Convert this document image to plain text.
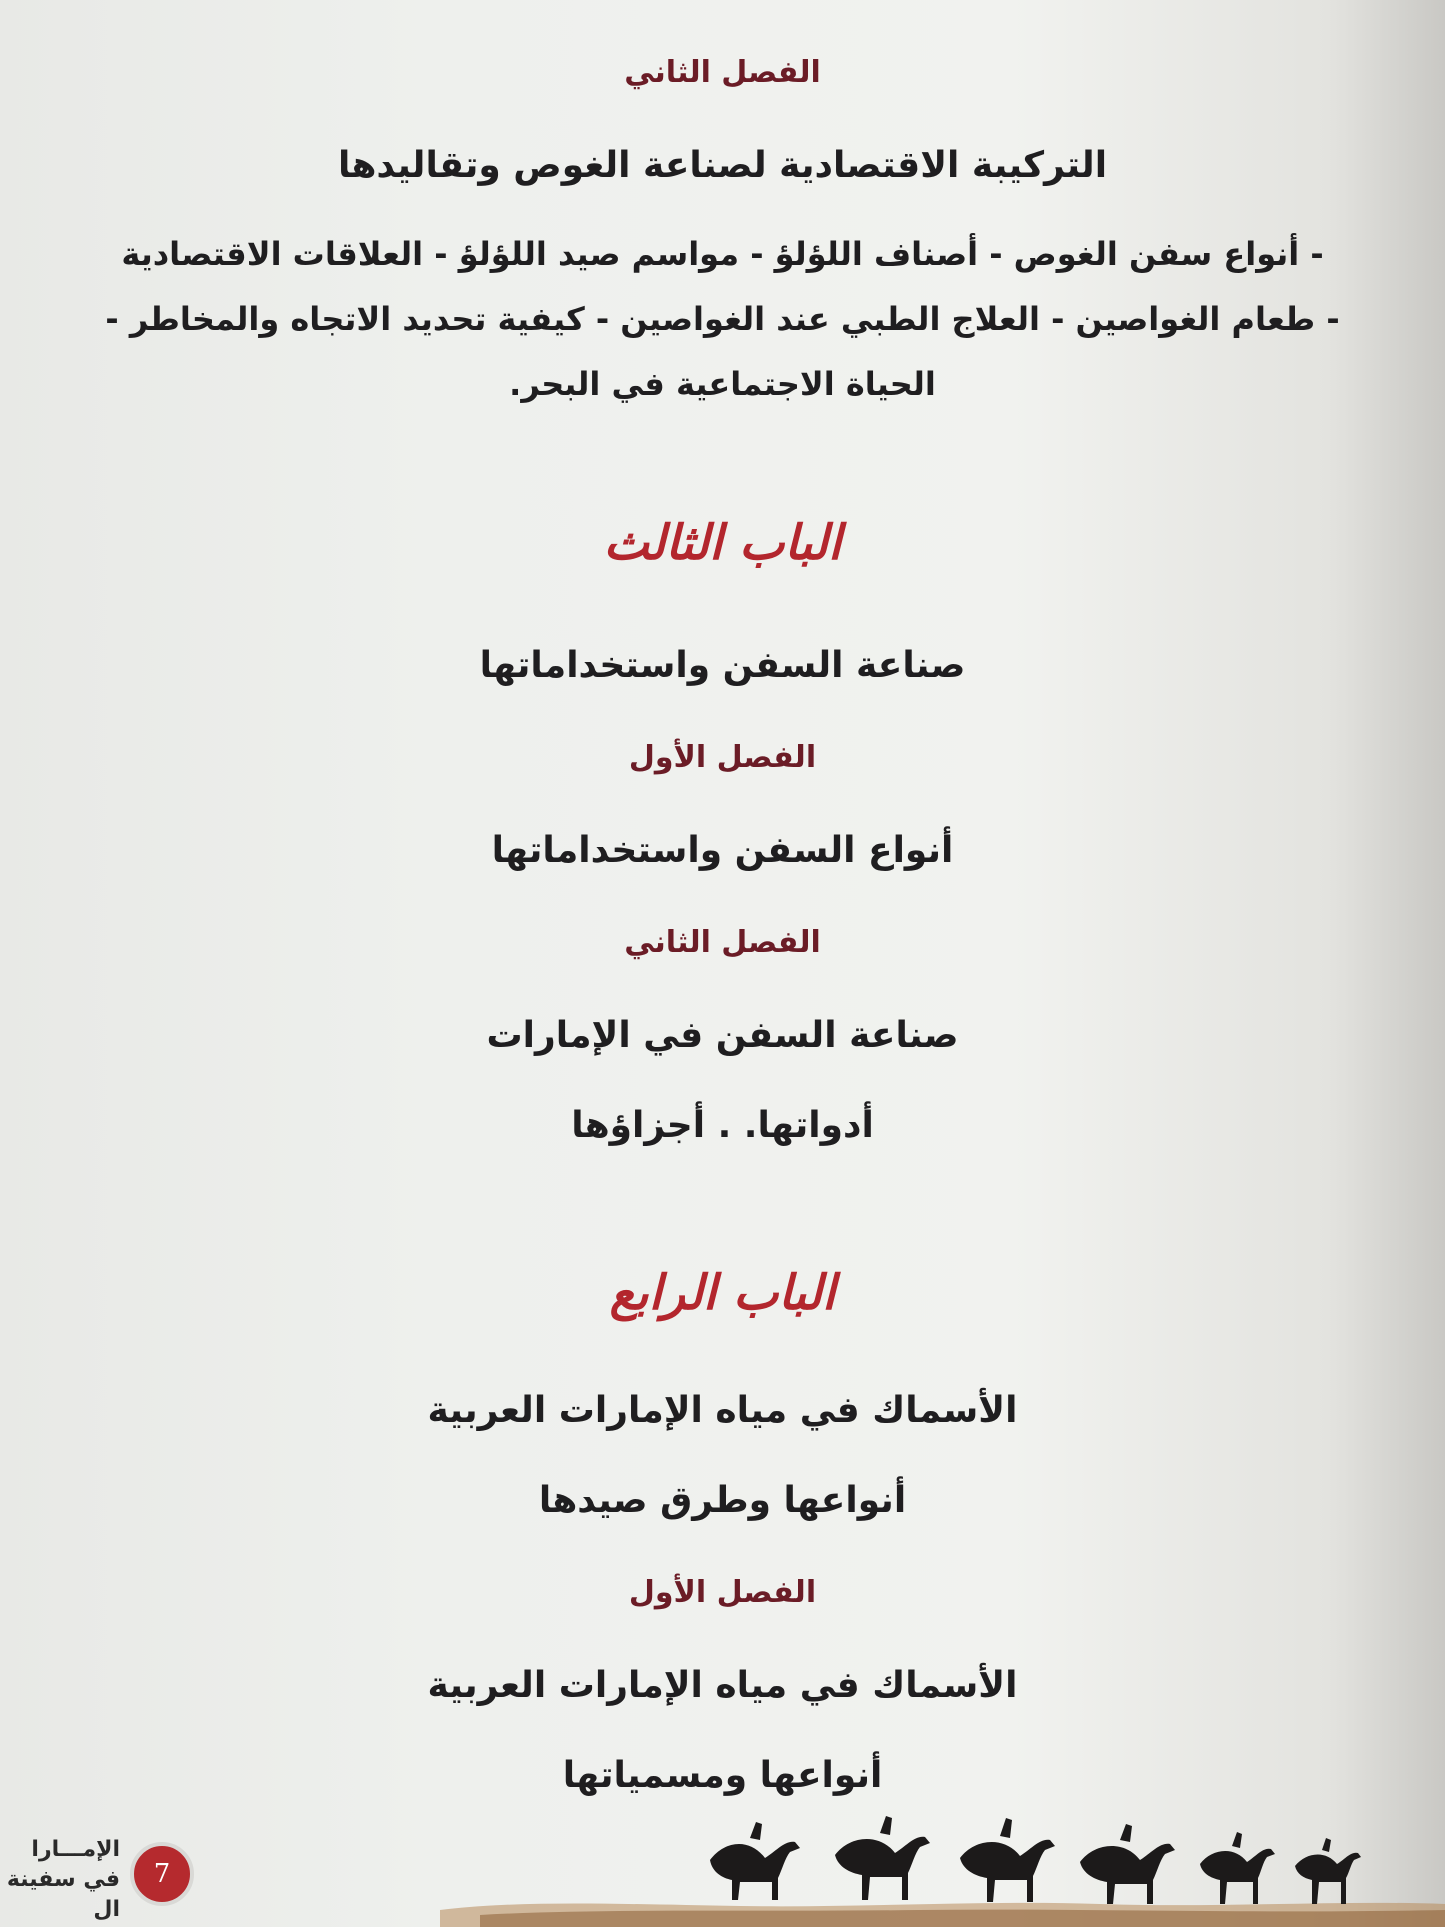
الفصل الثاني
التركيبة الاقتصادية لصناعة الغوص وتقاليدها
- أنواع سفن الغوص - أصناف اللؤلؤ - مواسم صيد اللؤلؤ - العلاقات الاقتصادية
- طعام الغواصين - العلاج الطبي عند الغواصين - كيفية تحديد الاتجاه والمخاطر -
الحياة الاجتماعية في البحر.
الباب الثالث
صناعة السفن واستخداماتها
الفصل الأول
أنواع السفن واستخداماتها
الفصل الثاني
صناعة السفن في الإمارات
أدواتها. . أجزاؤها
الباب الرابع
الأسماك في مياه الإمارات العربية
أنواعها وطرق صيدها
الفصل الأول
الأسماك في مياه الإمارات العربية
أنواعها ومسمياتها
الإمـــارا
في سفينة ال
7
